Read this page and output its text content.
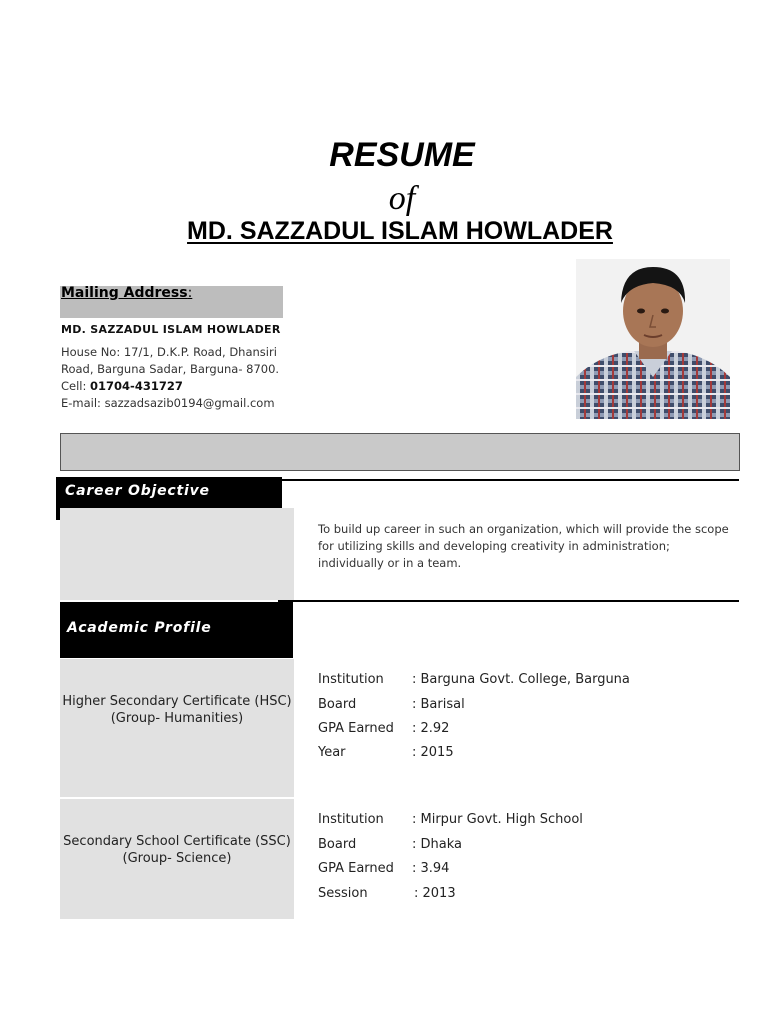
RESUME
of
MD. SAZZADUL ISLAM HOWLADER
Mailing Address:
MD. SAZZADUL ISLAM HOWLADER
House No: 17/1, D.K.P. Road, Dhansiri
Road, Barguna Sadar, Barguna- 8700.
Cell: 01704-431727
E-mail: sazzadsazib0194@gmail.com
Career Objective
To build up career in such an organization, which will provide the scope for utilizing skills and developing creativity in administration; individually or in a team.
Academic Profile
Higher Secondary Certificate (HSC)
(Group- Humanities)
Institution : Barguna Govt. College, Barguna
Board	: Barisal
GPA Earned : 2.92
Year	: 2015
Secondary School Certificate (SSC)
(Group- Science)
Institution : Mirpur Govt. High School
Board	: Dhaka
GPA Earned : 3.94
Session	: 2013
